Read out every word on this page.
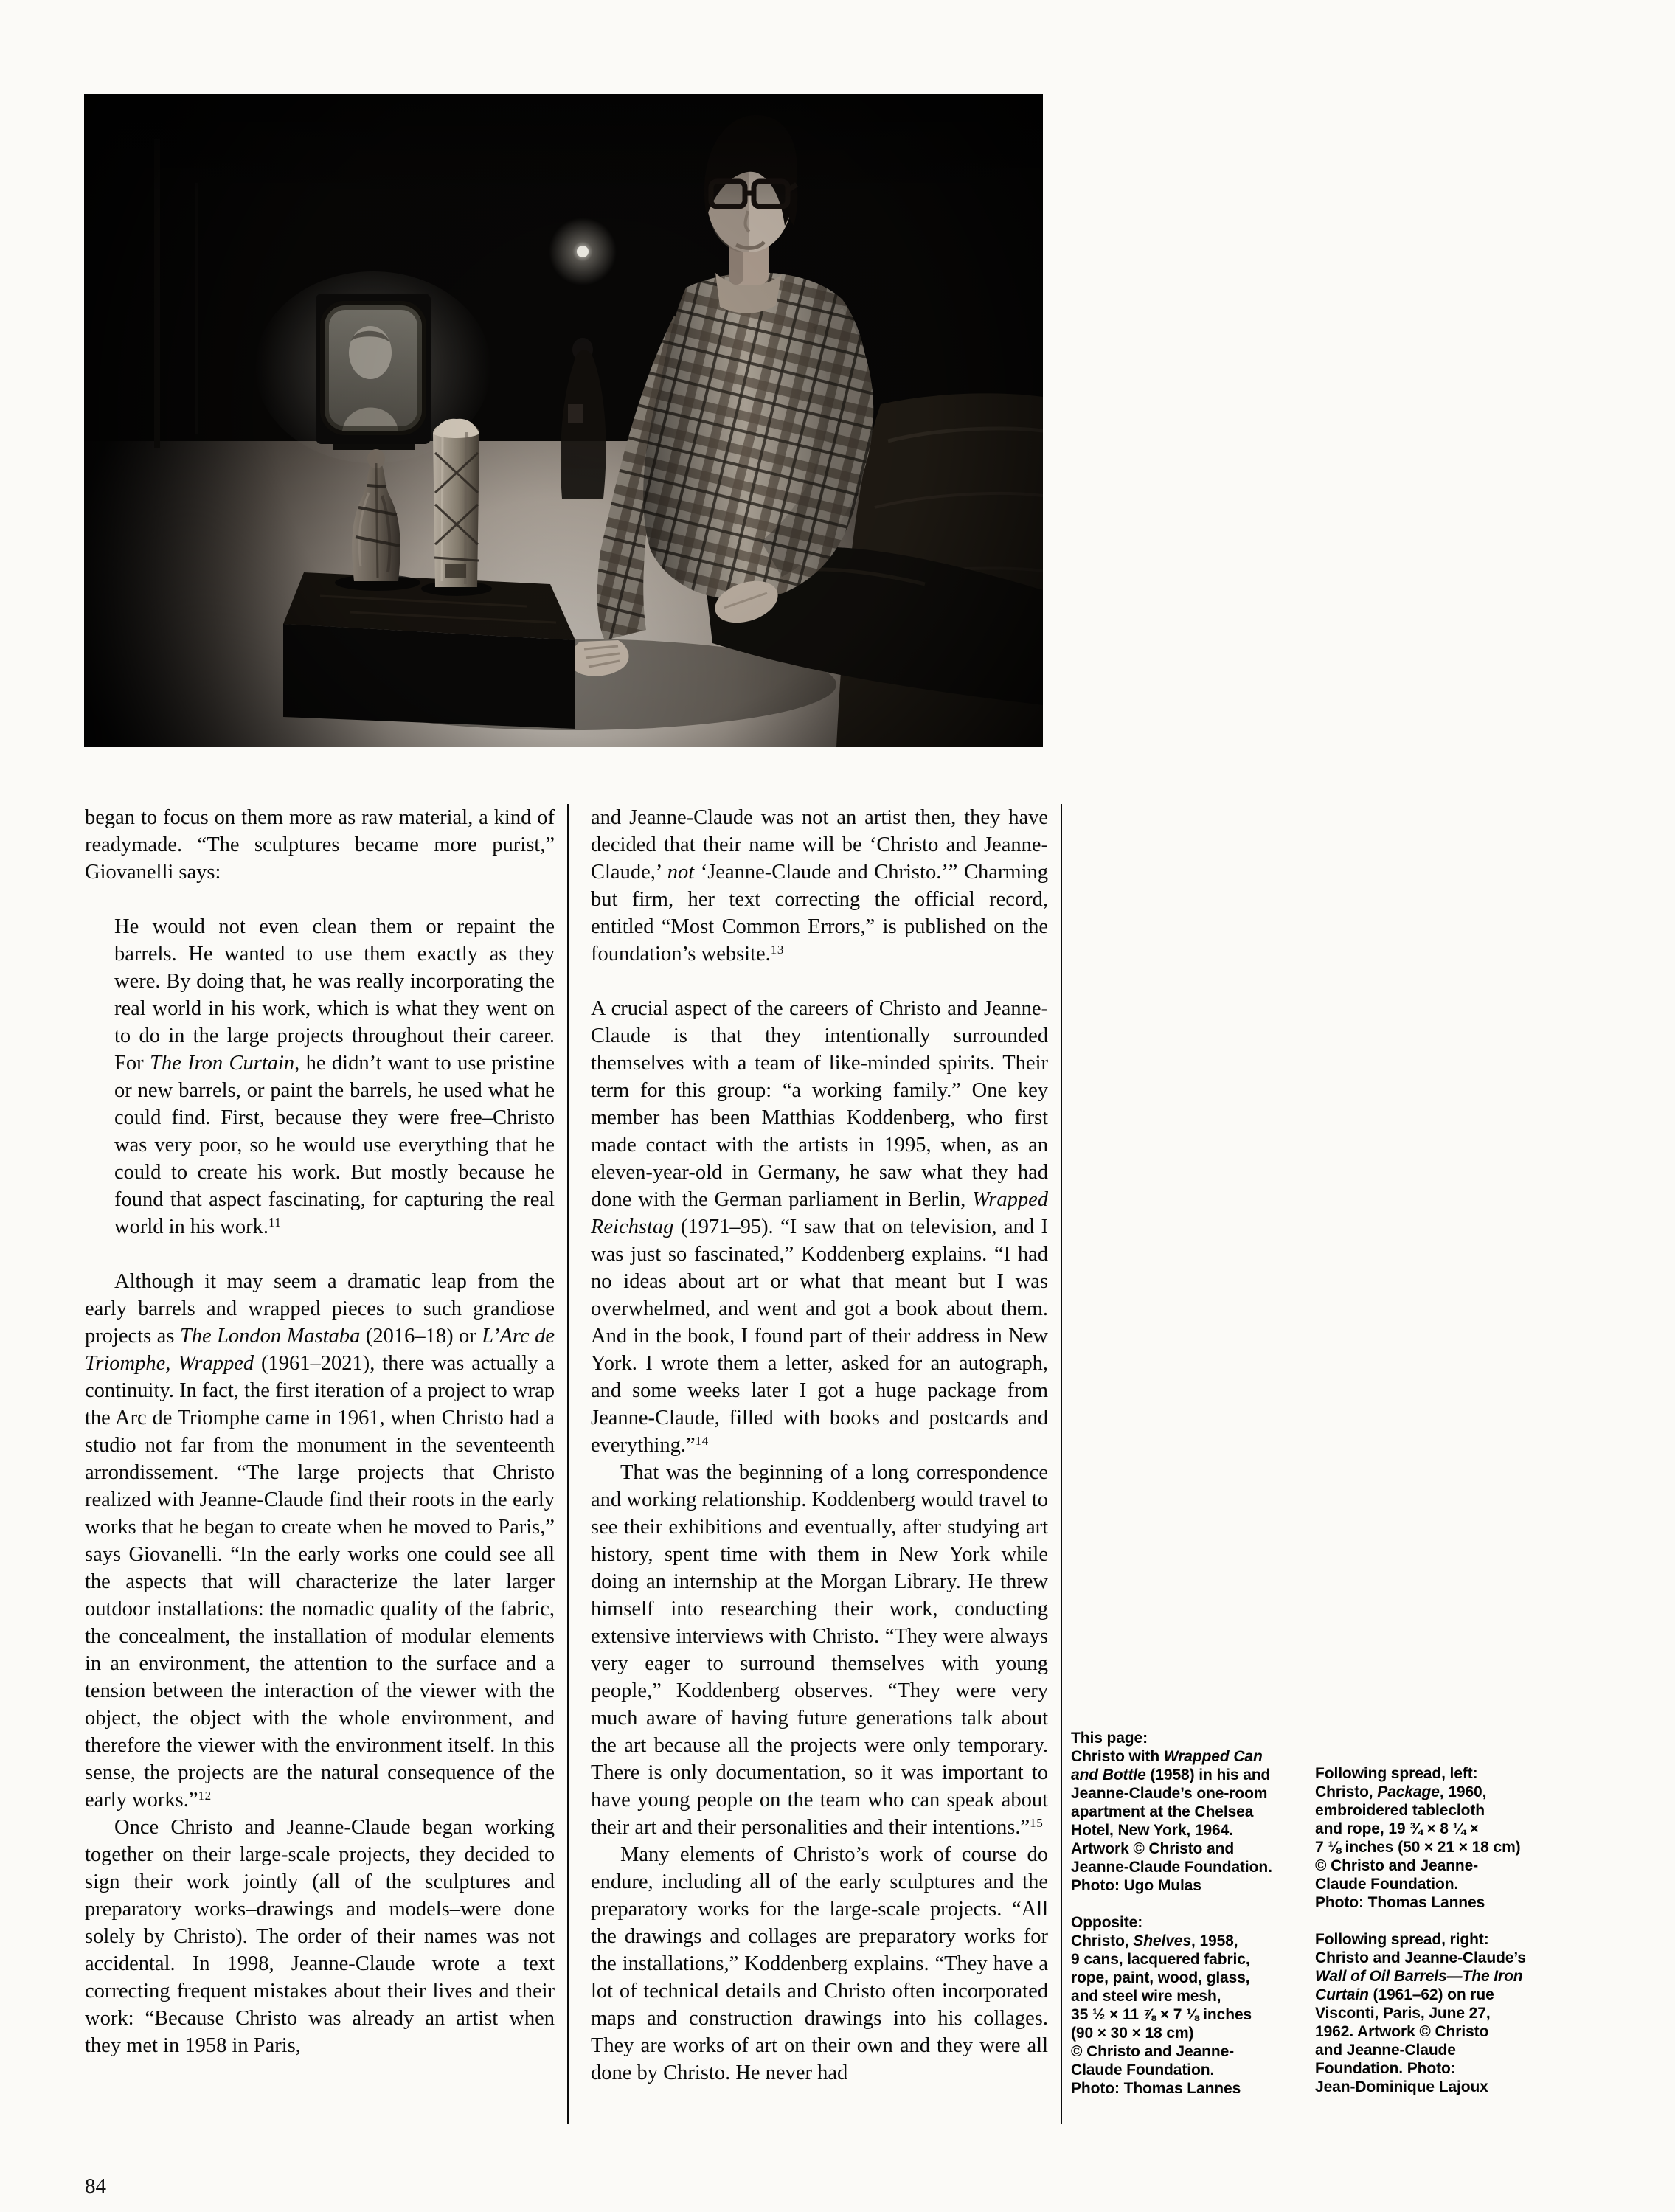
began to focus on them more as raw material, a kind of readymade. “The sculptures became more purist,” Giovanelli says:

He would not even clean them or repaint the barrels. He wanted to use them exactly as they were. By doing that, he was really incorporating the real world in his work, which is what they went on to do in the large projects throughout their career. For The Iron Curtain, he didn’t want to use pristine or new barrels, or paint the barrels, he used what he could find. First, because they were free–Christo was very poor, so he would use everything that he could to create his work. But mostly because he found that aspect fascinating, for capturing the real world in his work.$^{11}$

Although it may seem a dramatic leap from the early barrels and wrapped pieces to such grandiose projects as The London Mastaba (2016–18) or L’Arc de Triomphe, Wrapped (1961–2021), there was actually a continuity. In fact, the first iteration of a project to wrap the Arc de Triomphe came in 1961, when Christo had a studio not far from the monument in the seventeenth arrondissement. “The large projects that Christo realized with Jeanne-Claude find their roots in the early works that he began to create when he moved to Paris,” says Giovanelli. “In the early works one could see all the aspects that will characterize the later larger outdoor installations: the nomadic quality of the fabric, the concealment, the installation of modular elements in an environment, the attention to the surface and a tension between the interaction of the viewer with the object, the object with the whole environment, and therefore the viewer with the environment itself. In this sense, the projects are the natural consequence of the early works.”$^{12}$

Once Christo and Jeanne-Claude began working together on their large-scale projects, they decided to sign their work jointly (all of the sculptures and preparatory works–drawings and models–were done solely by Christo). The order of their names was not accidental. In 1998, Jeanne-Claude wrote a text correcting frequent mistakes about their lives and their work: “Because Christo was already an artist when they met in 1958 in Paris,

and Jeanne-Claude was not an artist then, they have decided that their name will be ‘Christo and Jeanne-Claude,’ not ‘Jeanne-Claude and Christo.’” Charming but firm, her text correcting the official record, entitled “Most Common Errors,” is published on the foundation’s website.$^{13}$

A crucial aspect of the careers of Christo and Jeanne-Claude is that they intentionally surrounded themselves with a team of like-minded spirits. Their term for this group: “a working family.” One key member has been Matthias Koddenberg, who first made contact with the artists in 1995, when, as an eleven-year-old in Germany, he saw what they had done with the German parliament in Berlin, Wrapped Reichstag (1971–95). “I saw that on television, and I was just so fascinated,” Koddenberg explains. “I had no ideas about art or what that meant but I was overwhelmed, and went and got a book about them. And in the book, I found part of their address in New York. I wrote them a letter, asked for an autograph, and some weeks later I got a huge package from Jeanne-Claude, filled with books and postcards and everything.”$^{14}$

That was the beginning of a long correspondence and working relationship. Koddenberg would travel to see their exhibitions and eventually, after studying art history, spent time with them in New York while doing an internship at the Morgan Library. He threw himself into researching their work, conducting extensive interviews with Christo. “They were always very eager to surround themselves with young people,” Koddenberg observes. “They were very much aware of having future generations talk about the art because all the projects were only temporary. There is only documentation, so it was important to have young people on the team who can speak about their art and their personalities and their intentions.”$^{15}$

Many elements of Christo’s work of course do endure, including all of the early sculptures and the preparatory works for the large-scale projects. “All the drawings and collages are preparatory works for the installations,” Koddenberg explains. “They have a lot of technical details and Christo often incorporated maps and construction drawings into his collages. They are works of art on their own and they were all done by Christo. He never had

This page:
Christo with Wrapped Can
and Bottle (1958) in his and
Jeanne-Claude’s one-room
apartment at the Chelsea
Hotel, New York, 1964.
Artwork © Christo and
Jeanne-Claude Foundation.
Photo: Ugo Mulas
Opposite:
Christo, Shelves, 1958,
9 cans, lacquered fabric,
rope, paint, wood, glass,
and steel wire mesh,
35 ½ × 11 ⅞ × 7 ⅛ inches
(90 × 30 × 18 cm)
© Christo and Jeanne-
Claude Foundation.
Photo: Thomas Lannes
Following spread, left:
Christo, Package, 1960,
embroidered tablecloth
and rope, 19 ¾ × 8 ¼ ×
7 ⅛ inches (50 × 21 × 18 cm)
© Christo and Jeanne-
Claude Foundation.
Photo: Thomas Lannes
Following spread, right:
Christo and Jeanne-Claude’s
Wall of Oil Barrels—The Iron
Curtain (1961–62) on rue
Visconti, Paris, June 27,
1962. Artwork © Christo
and Jeanne-Claude
Foundation. Photo:
Jean-Dominique Lajoux
84
